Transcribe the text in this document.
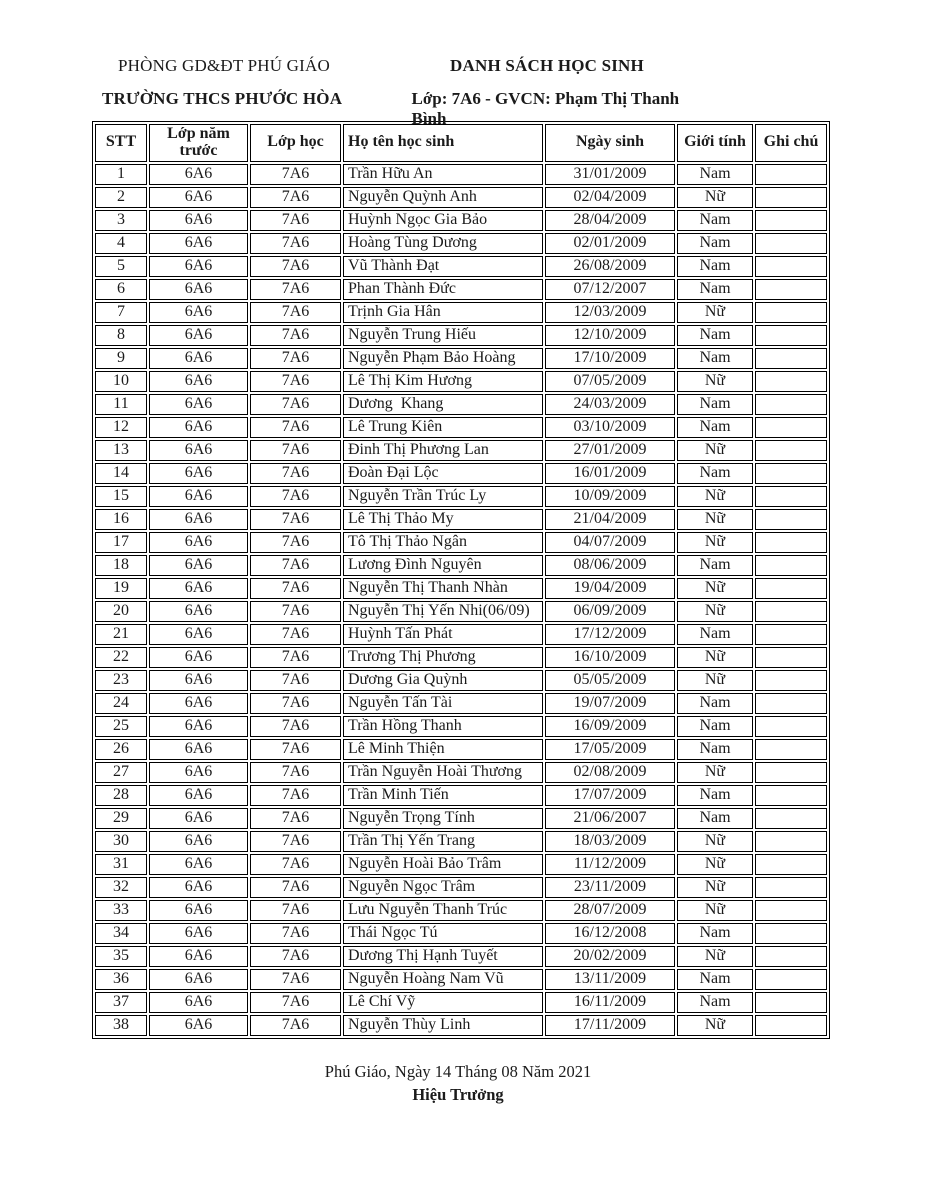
PHÒNG GD&ĐT PHÚ GIÁO	DANH SÁCH HỌC SINH
TRƯỜNG THCS PHƯỚC HÒA	Lớp: 7A6 - GVCN: Phạm Thị Thanh Bình
STT	Lớp năm trước	Lớp học	Họ tên học sinh	Ngày sinh	Giới tính	Ghi chú
1	6A6	7A6	Trần Hữu An	31/01/2009	Nam	
2	6A6	7A6	Nguyễn Quỳnh Anh	02/04/2009	Nữ	
3	6A6	7A6	Huỳnh Ngọc Gia Bảo	28/04/2009	Nam	
4	6A6	7A6	Hoàng Tùng Dương	02/01/2009	Nam	
5	6A6	7A6	Vũ Thành Đạt	26/08/2009	Nam	
6	6A6	7A6	Phan Thành Đức	07/12/2007	Nam	
7	6A6	7A6	Trịnh Gia Hân	12/03/2009	Nữ	
8	6A6	7A6	Nguyễn Trung Hiếu	12/10/2009	Nam	
9	6A6	7A6	Nguyễn Phạm Bảo Hoàng	17/10/2009	Nam	
10	6A6	7A6	Lê Thị Kim Hương	07/05/2009	Nữ	
11	6A6	7A6	Dương  Khang	24/03/2009	Nam	
12	6A6	7A6	Lê Trung Kiên	03/10/2009	Nam	
13	6A6	7A6	Đinh Thị Phương Lan	27/01/2009	Nữ	
14	6A6	7A6	Đoàn Đại Lộc	16/01/2009	Nam	
15	6A6	7A6	Nguyễn Trần Trúc Ly	10/09/2009	Nữ	
16	6A6	7A6	Lê Thị Thảo My	21/04/2009	Nữ	
17	6A6	7A6	Tô Thị Thảo Ngân	04/07/2009	Nữ	
18	6A6	7A6	Lương Đình Nguyên	08/06/2009	Nam	
19	6A6	7A6	Nguyễn Thị Thanh Nhàn	19/04/2009	Nữ	
20	6A6	7A6	Nguyễn Thị Yến Nhi(06/09)	06/09/2009	Nữ	
21	6A6	7A6	Huỳnh Tấn Phát	17/12/2009	Nam	
22	6A6	7A6	Trương Thị Phương	16/10/2009	Nữ	
23	6A6	7A6	Dương Gia Quỳnh	05/05/2009	Nữ	
24	6A6	7A6	Nguyễn Tấn Tài	19/07/2009	Nam	
25	6A6	7A6	Trần Hồng Thanh	16/09/2009	Nam	
26	6A6	7A6	Lê Minh Thiện	17/05/2009	Nam	
27	6A6	7A6	Trần Nguyễn Hoài Thương	02/08/2009	Nữ	
28	6A6	7A6	Trần Minh Tiến	17/07/2009	Nam	
29	6A6	7A6	Nguyễn Trọng Tính	21/06/2007	Nam	
30	6A6	7A6	Trần Thị Yến Trang	18/03/2009	Nữ	
31	6A6	7A6	Nguyễn Hoài Bảo Trâm	11/12/2009	Nữ	
32	6A6	7A6	Nguyễn Ngọc Trâm	23/11/2009	Nữ	
33	6A6	7A6	Lưu Nguyễn Thanh Trúc	28/07/2009	Nữ	
34	6A6	7A6	Thái Ngọc Tú	16/12/2008	Nam	
35	6A6	7A6	Dương Thị Hạnh Tuyết	20/02/2009	Nữ	
36	6A6	7A6	Nguyễn Hoàng Nam Vũ	13/11/2009	Nam	
37	6A6	7A6	Lê Chí Vỹ	16/11/2009	Nam	
38	6A6	7A6	Nguyễn Thùy Linh	17/11/2009	Nữ	
Phú Giáo, Ngày 14 Tháng 08 Năm 2021
Hiệu Trưởng
